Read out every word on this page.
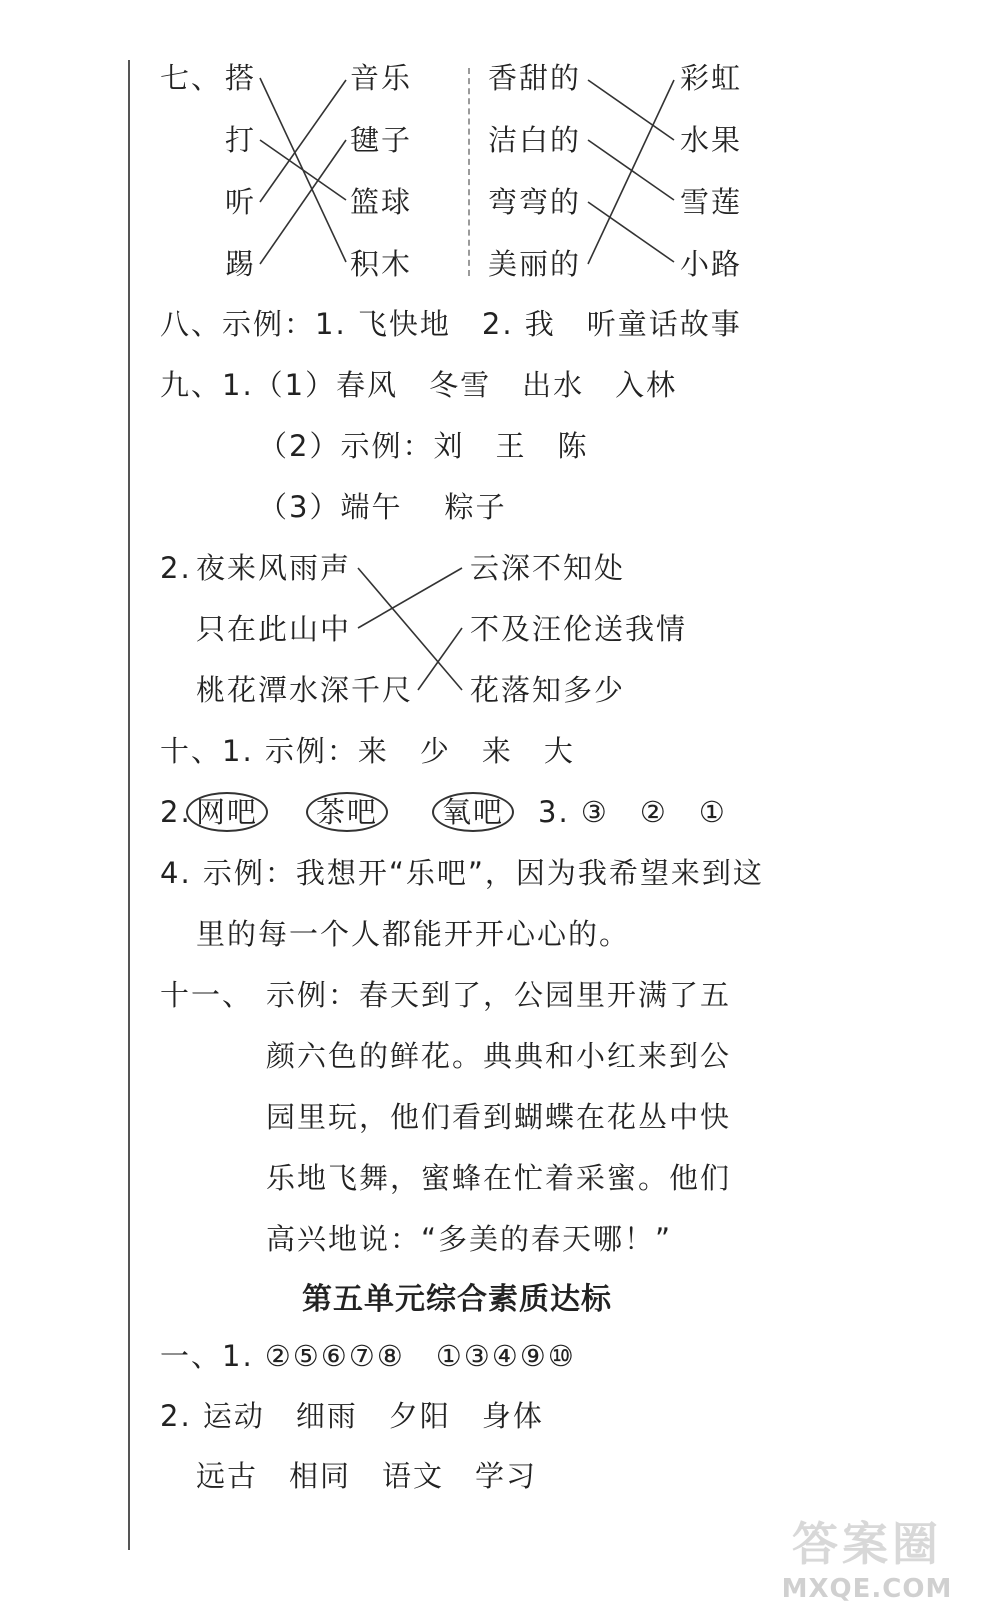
七、 搭
打
听
踢
音乐
毽子
篮球
积木
香甜的
洁白的
弯弯的
美丽的
彩虹
水果
雪莲
小路
八、示例：1. 飞快地　2. 我　听童话故事
九、1.（1）春风　冬雪　出水　入林
（2）示例：刘　王　陈
（3）端午　 粽子
2. 夜来风雨声
只在此山中
桃花潭水深千尺
云深不知处
不及汪伦送我情
花落知多少
十、1. 示例：来　少　来　大
2. 网吧	茶吧	氧吧	3. ③　②　①
4. 示例：我想开“乐吧”，因为我希望来到这
里的每一个人都能开开心心的。
十一、 示例：春天到了，公园里开满了五
颜六色的鲜花。典典和小红来到公
园里玩，他们看到蝴蝶在花丛中快
乐地飞舞，蜜蜂在忙着采蜜。他们
高兴地说：“多美的春天哪！”
第五单元综合素质达标
一、1. ②⑤⑥⑦⑧　①③④⑨⑩
2. 运动　细雨　夕阳　身体
远古　相同　语文　学习
答案圈
MXQE.COM
